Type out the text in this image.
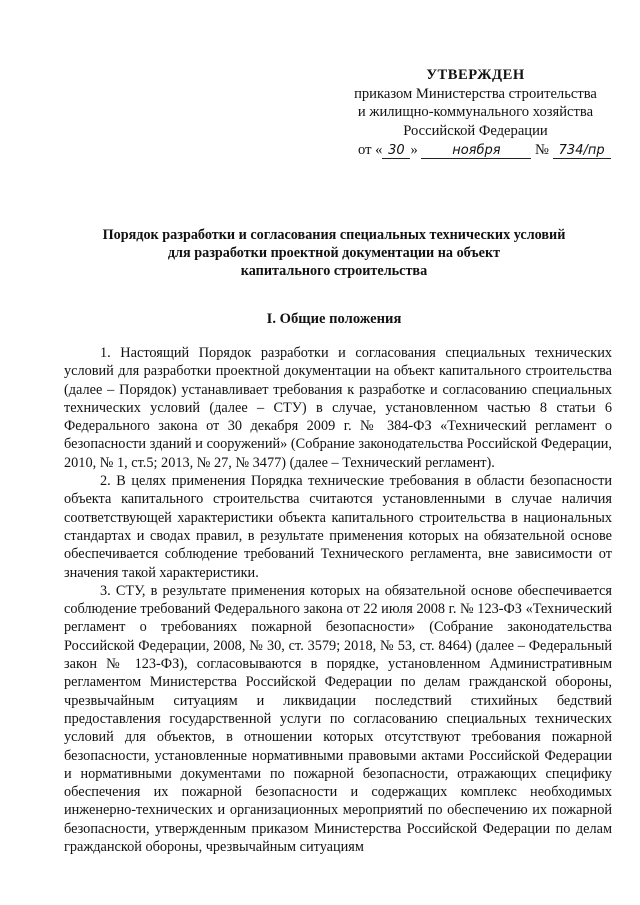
УТВЕРЖДЕН
приказом Министерства строительства
и жилищно-коммунального хозяйства
Российской Федерации
от « 30 »	ноября № 734/пр
Порядок разработки и согласования специальных технических условий
для разработки проектной документации на объект
капитального строительства
I. Общие положения

1. Настоящий Порядок разработки и согласования специальных технических условий для разработки проектной документации на объект капитального строительства (далее – Порядок) устанавливает требования к разработке и согласованию специальных технических условий (далее – СТУ) в случае, установленном частью 8 статьи 6 Федерального закона от 30 декабря 2009 г. № 384-ФЗ «Технический регламент о безопасности зданий и сооружений» (Собрание законодательства Российской Федерации, 2010, № 1, ст.5; 2013, № 27, № 3477) (далее – Технический регламент).

2. В целях применения Порядка технические требования в области безопасности объекта капитального строительства считаются установленными в случае наличия соответствующей характеристики объекта капитального строительства в национальных стандартах и сводах правил, в результате применения которых на обязательной основе обеспечивается соблюдение требований Технического регламента, вне зависимости от значения такой характеристики.

3. СТУ, в результате применения которых на обязательной основе обеспечивается соблюдение требований Федерального закона от 22 июля 2008 г. № 123-ФЗ «Технический регламент о требованиях пожарной безопасности» (Собрание законодательства Российской Федерации, 2008, № 30, ст. 3579; 2018, № 53, ст. 8464) (далее – Федеральный закон № 123-ФЗ), согласовываются в порядке, установленном Административным регламентом Министерства Российской Федерации по делам гражданской обороны, чрезвычайным ситуациям и ликвидации последствий стихийных бедствий предоставления государственной услуги по согласованию специальных технических условий для объектов, в отношении которых отсутствуют требования пожарной безопасности, установленные нормативными правовыми актами Российской Федерации и нормативными документами по пожарной безопасности, отражающих специфику обеспечения их пожарной безопасности и содержащих комплекс необходимых инженерно-технических и организационных мероприятий по обеспечению их пожарной безопасности, утвержденным приказом Министерства Российской Федерации по делам гражданской обороны, чрезвычайным ситуациям
